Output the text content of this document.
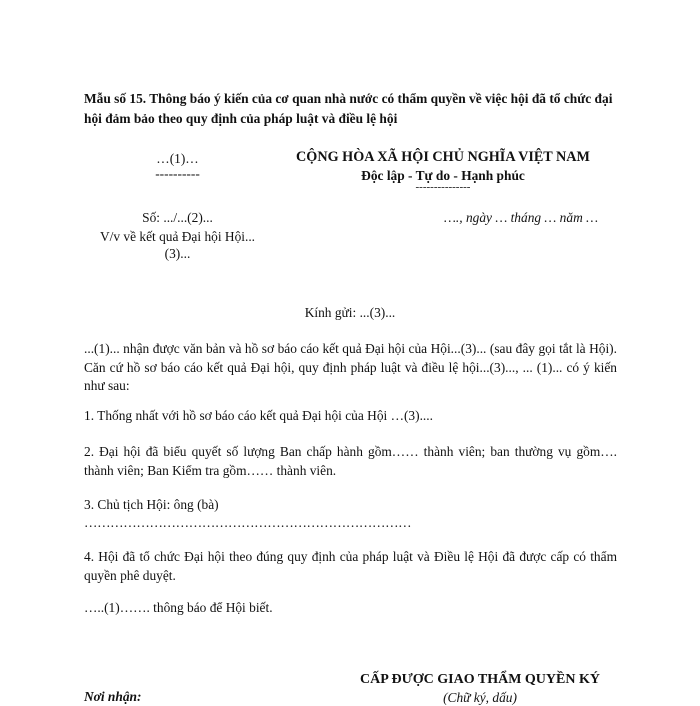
Mẫu số 15. Thông báo ý kiến của cơ quan nhà nước có thẩm quyền về việc hội đã tổ chức đại hội đảm bảo theo quy định của pháp luật và điều lệ hội
…(1)…
----------
CỘNG HÒA XÃ HỘI CHỦ NGHĨA VIỆT NAM
Độc lập - Tự do - Hạnh phúc
---------------
Số: .../...(2)...
V/v về kết quả Đại hội Hội...
(3)...
…., ngày … tháng … năm …
Kính gửi: ...(3)...
...(1)... nhận được văn bản và hồ sơ báo cáo kết quả Đại hội của Hội...(3)... (sau đây gọi tắt là Hội). Căn cứ hồ sơ báo cáo kết quả Đại hội, quy định pháp luật và điều lệ hội...(3)..., ... (1)... có ý kiến như sau:
1. Thống nhất với hồ sơ báo cáo kết quả Đại hội của Hội …(3)....
2. Đại hội đã biểu quyết số lượng Ban chấp hành gồm…… thành viên; ban thường vụ gồm…. thành viên; Ban Kiểm tra gồm…… thành viên.
3. Chủ tịch Hội: ông (bà)
…………………………………………………………………
4. Hội đã tổ chức Đại hội theo đúng quy định của pháp luật và Điều lệ Hội đã được cấp có thẩm quyền phê duyệt.
…..(1)……. thông báo để Hội biết.
CẤP ĐƯỢC GIAO THẨM QUYỀN KÝ
(Chữ ký, dấu)
Nơi nhận:
